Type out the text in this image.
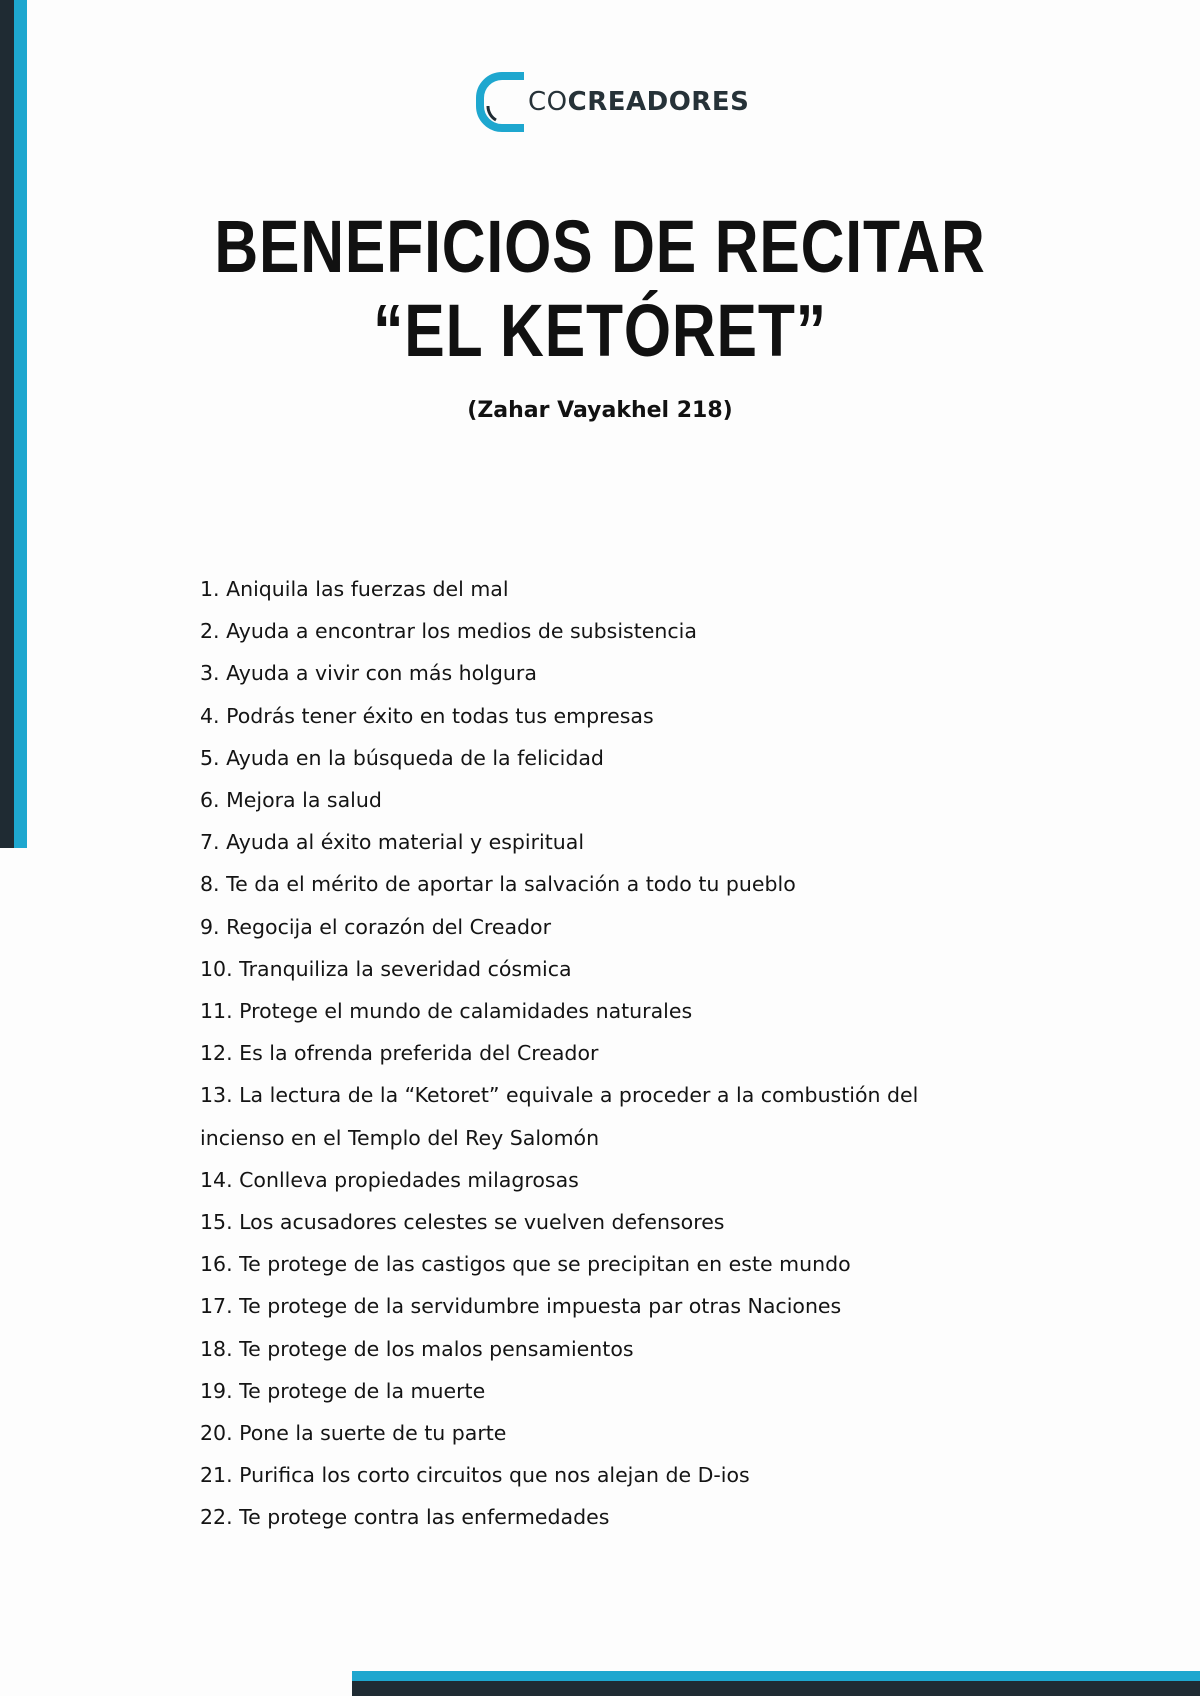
COCREADORES
BENEFICIOS DE RECITAR
“EL KETÓRET”
(Zahar Vayakhel 218)
1. Aniquila las fuerzas del mal
2. Ayuda a encontrar los medios de subsistencia
3. Ayuda a vivir con más holgura
4. Podrás tener éxito en todas tus empresas
5. Ayuda en la búsqueda de la felicidad
6. Mejora la salud
7. Ayuda al éxito material y espiritual
8. Te da el mérito de aportar la salvación a todo tu pueblo
9. Regocija el corazón del Creador
10. Tranquiliza la severidad cósmica
11. Protege el mundo de calamidades naturales
12. Es la ofrenda preferida del Creador
13. La lectura de la “Ketoret” equivale a proceder a la combustión del
incienso en el Templo del Rey Salomón
14. Conlleva propiedades milagrosas
15. Los acusadores celestes se vuelven defensores
16. Te protege de las castigos que se precipitan en este mundo
17. Te protege de la servidumbre impuesta par otras Naciones
18. Te protege de los malos pensamientos
19. Te protege de la muerte
20. Pone la suerte de tu parte
21. Purifica los corto circuitos que nos alejan de D-ios
22. Te protege contra las enfermedades
